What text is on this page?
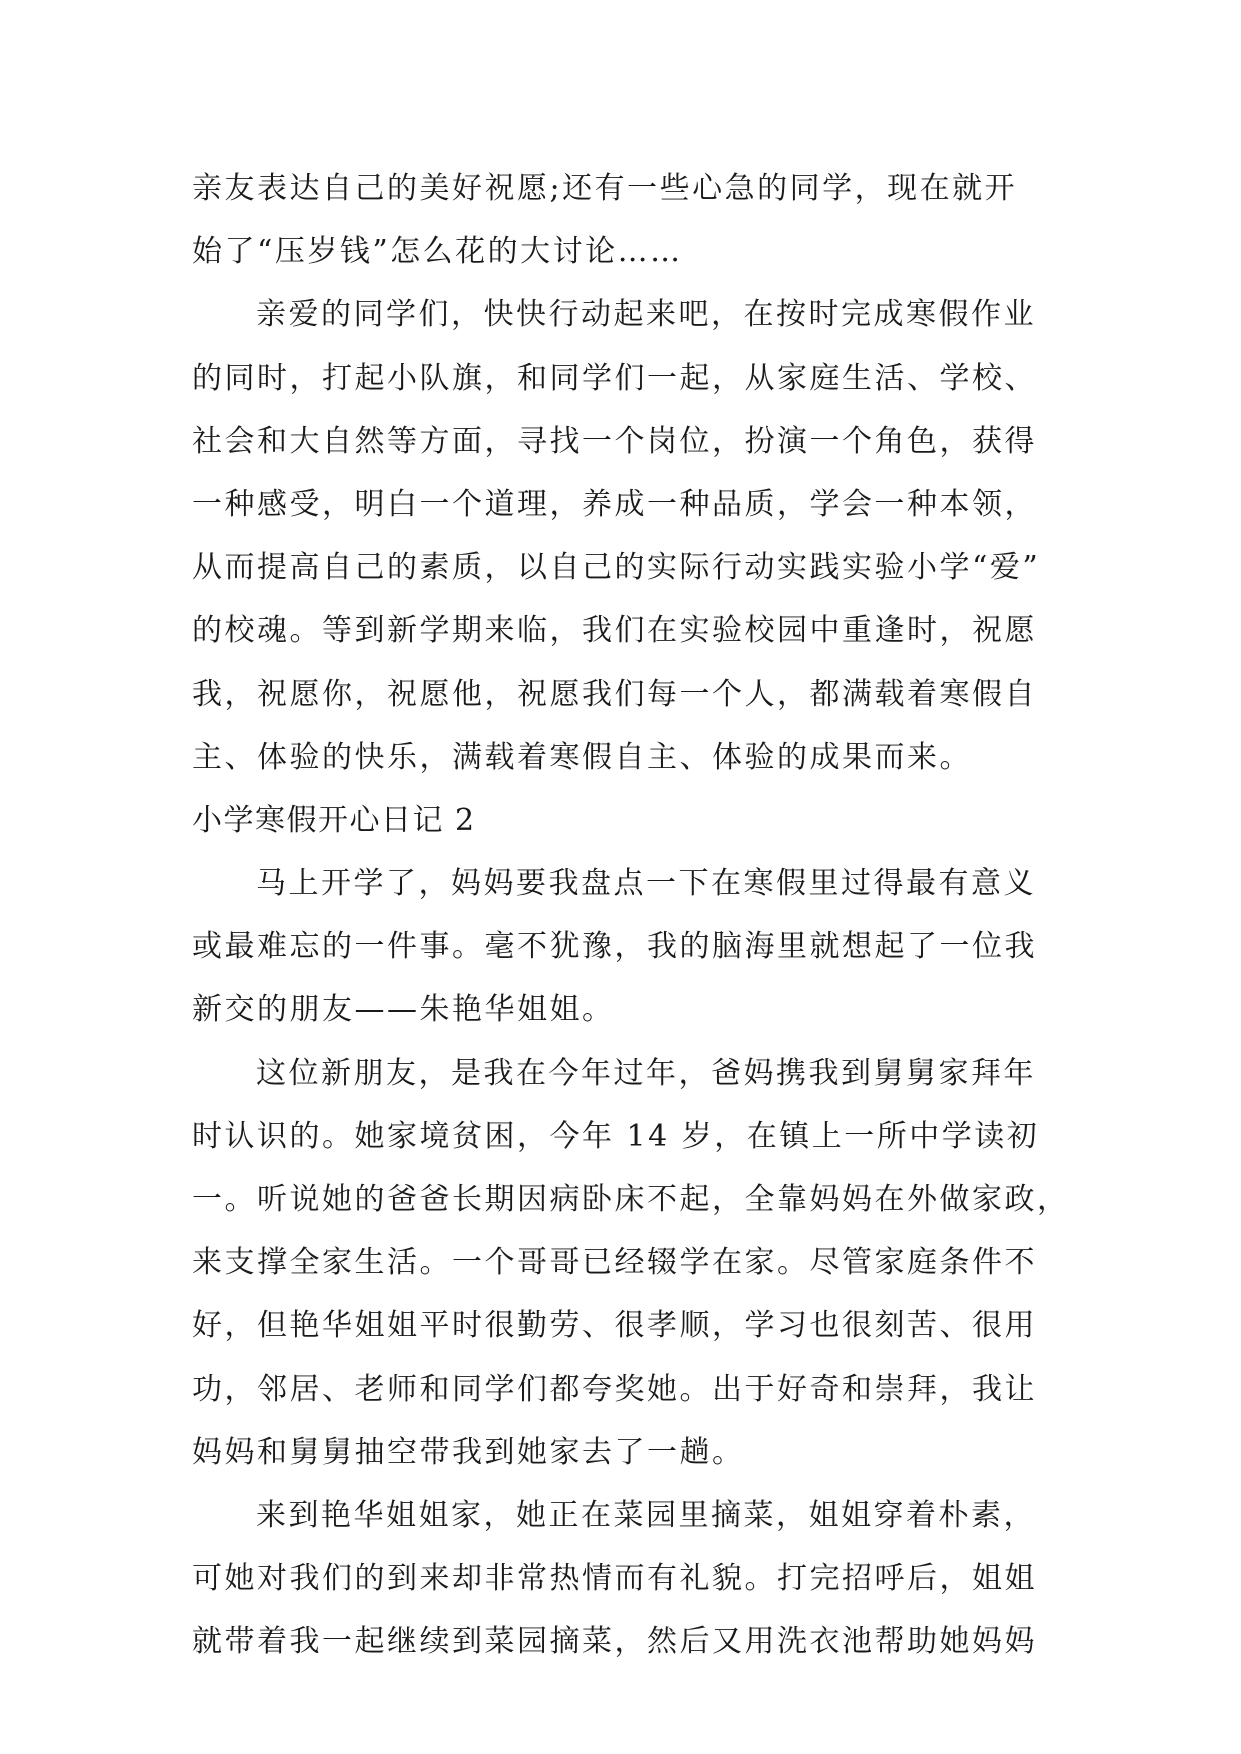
亲友表达自己的美好祝愿;还有一些心急的同学，现在就开
始了“压岁钱”怎么花的大讨论……
亲爱的同学们，快快行动起来吧，在按时完成寒假作业
的同时，打起小队旗，和同学们一起，从家庭生活、学校、
社会和大自然等方面，寻找一个岗位，扮演一个角色，获得
一种感受，明白一个道理，养成一种品质，学会一种本领，
从而提高自己的素质，以自己的实际行动实践实验小学“爱”
的校魂。等到新学期来临，我们在实验校园中重逢时，祝愿
我，祝愿你，祝愿他，祝愿我们每一个人，都满载着寒假自
主、体验的快乐，满载着寒假自主、体验的成果而来。
小学寒假开心日记 2
马上开学了，妈妈要我盘点一下在寒假里过得最有意义
或最难忘的一件事。毫不犹豫，我的脑海里就想起了一位我
新交的朋友——朱艳华姐姐。
这位新朋友，是我在今年过年，爸妈携我到舅舅家拜年
时认识的。她家境贫困，今年 14 岁，在镇上一所中学读初
一。听说她的爸爸长期因病卧床不起，全靠妈妈在外做家政，
来支撑全家生活。一个哥哥已经辍学在家。尽管家庭条件不
好，但艳华姐姐平时很勤劳、很孝顺，学习也很刻苦、很用
功，邻居、老师和同学们都夸奖她。出于好奇和崇拜，我让
妈妈和舅舅抽空带我到她家去了一趟。
来到艳华姐姐家，她正在菜园里摘菜，姐姐穿着朴素，
可她对我们的到来却非常热情而有礼貌。打完招呼后，姐姐
就带着我一起继续到菜园摘菜，然后又用洗衣池帮助她妈妈
